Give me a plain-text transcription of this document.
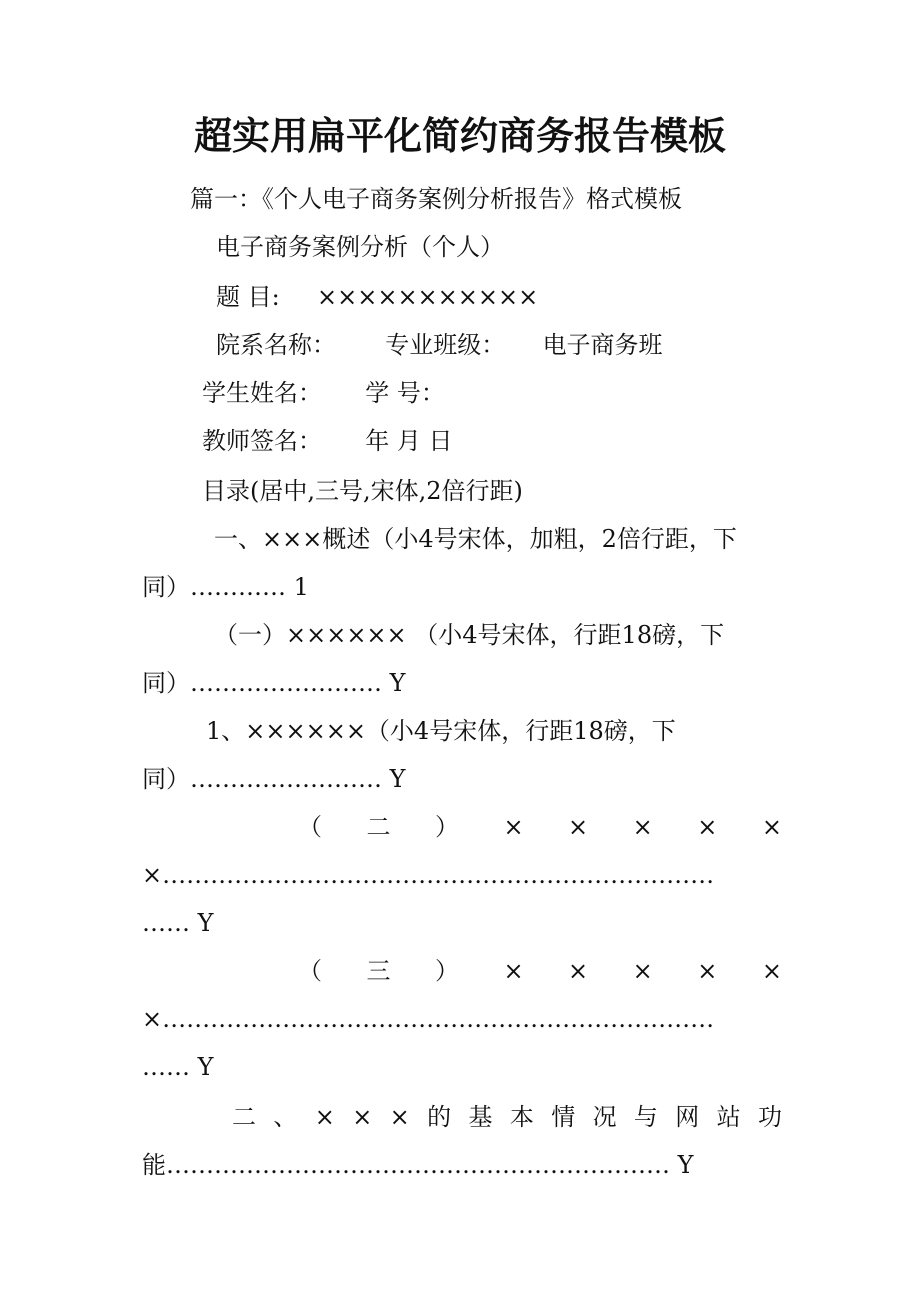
超实用扁平化简约商务报告模板
篇一：《个人电子商务案例分析报告》格式模板
电子商务案例分析（个人）
题 目: ×××××××××××
院系名称： 专业班级： 电子商务班
学生姓名： 学 号：
教师签名： 年 月 日
目录(居中,三号,宋体,2倍行距)
一、×××概述（小4号宋体，加粗，2倍行距，下
同）………… 1
（一）×××××× （小4号宋体，行距18磅，下
同）…………………… Y
1、××××××（小4号宋体，行距18磅，下
同）…………………… Y
（ 二 ） × × × × ×
×……………………………………………………………
…… Y
（ 三 ） × × × × ×
×……………………………………………………………
…… Y
二 、 × × × 的 基 本 情 况 与 网 站 功
能……………………………………………………… Y
